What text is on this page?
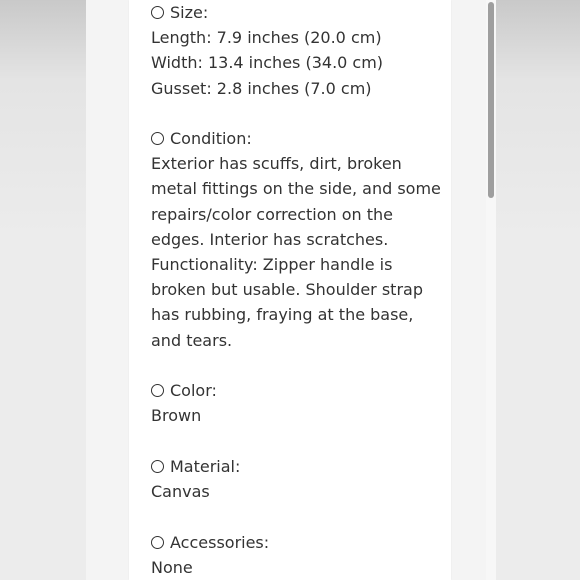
Size:
Length: 7.9 inches (20.0 cm)
Width: 13.4 inches (34.0 cm)
Gusset: 2.8 inches (7.0 cm)
Condition:
Exterior has scuffs, dirt, broken
metal fittings on the side, and some
repairs/color correction on the
edges. Interior has scratches.
Functionality: Zipper handle is
broken but usable. Shoulder strap
has rubbing, fraying at the base,
and tears.
Color:
Brown
Material:
Canvas
Accessories:
None
